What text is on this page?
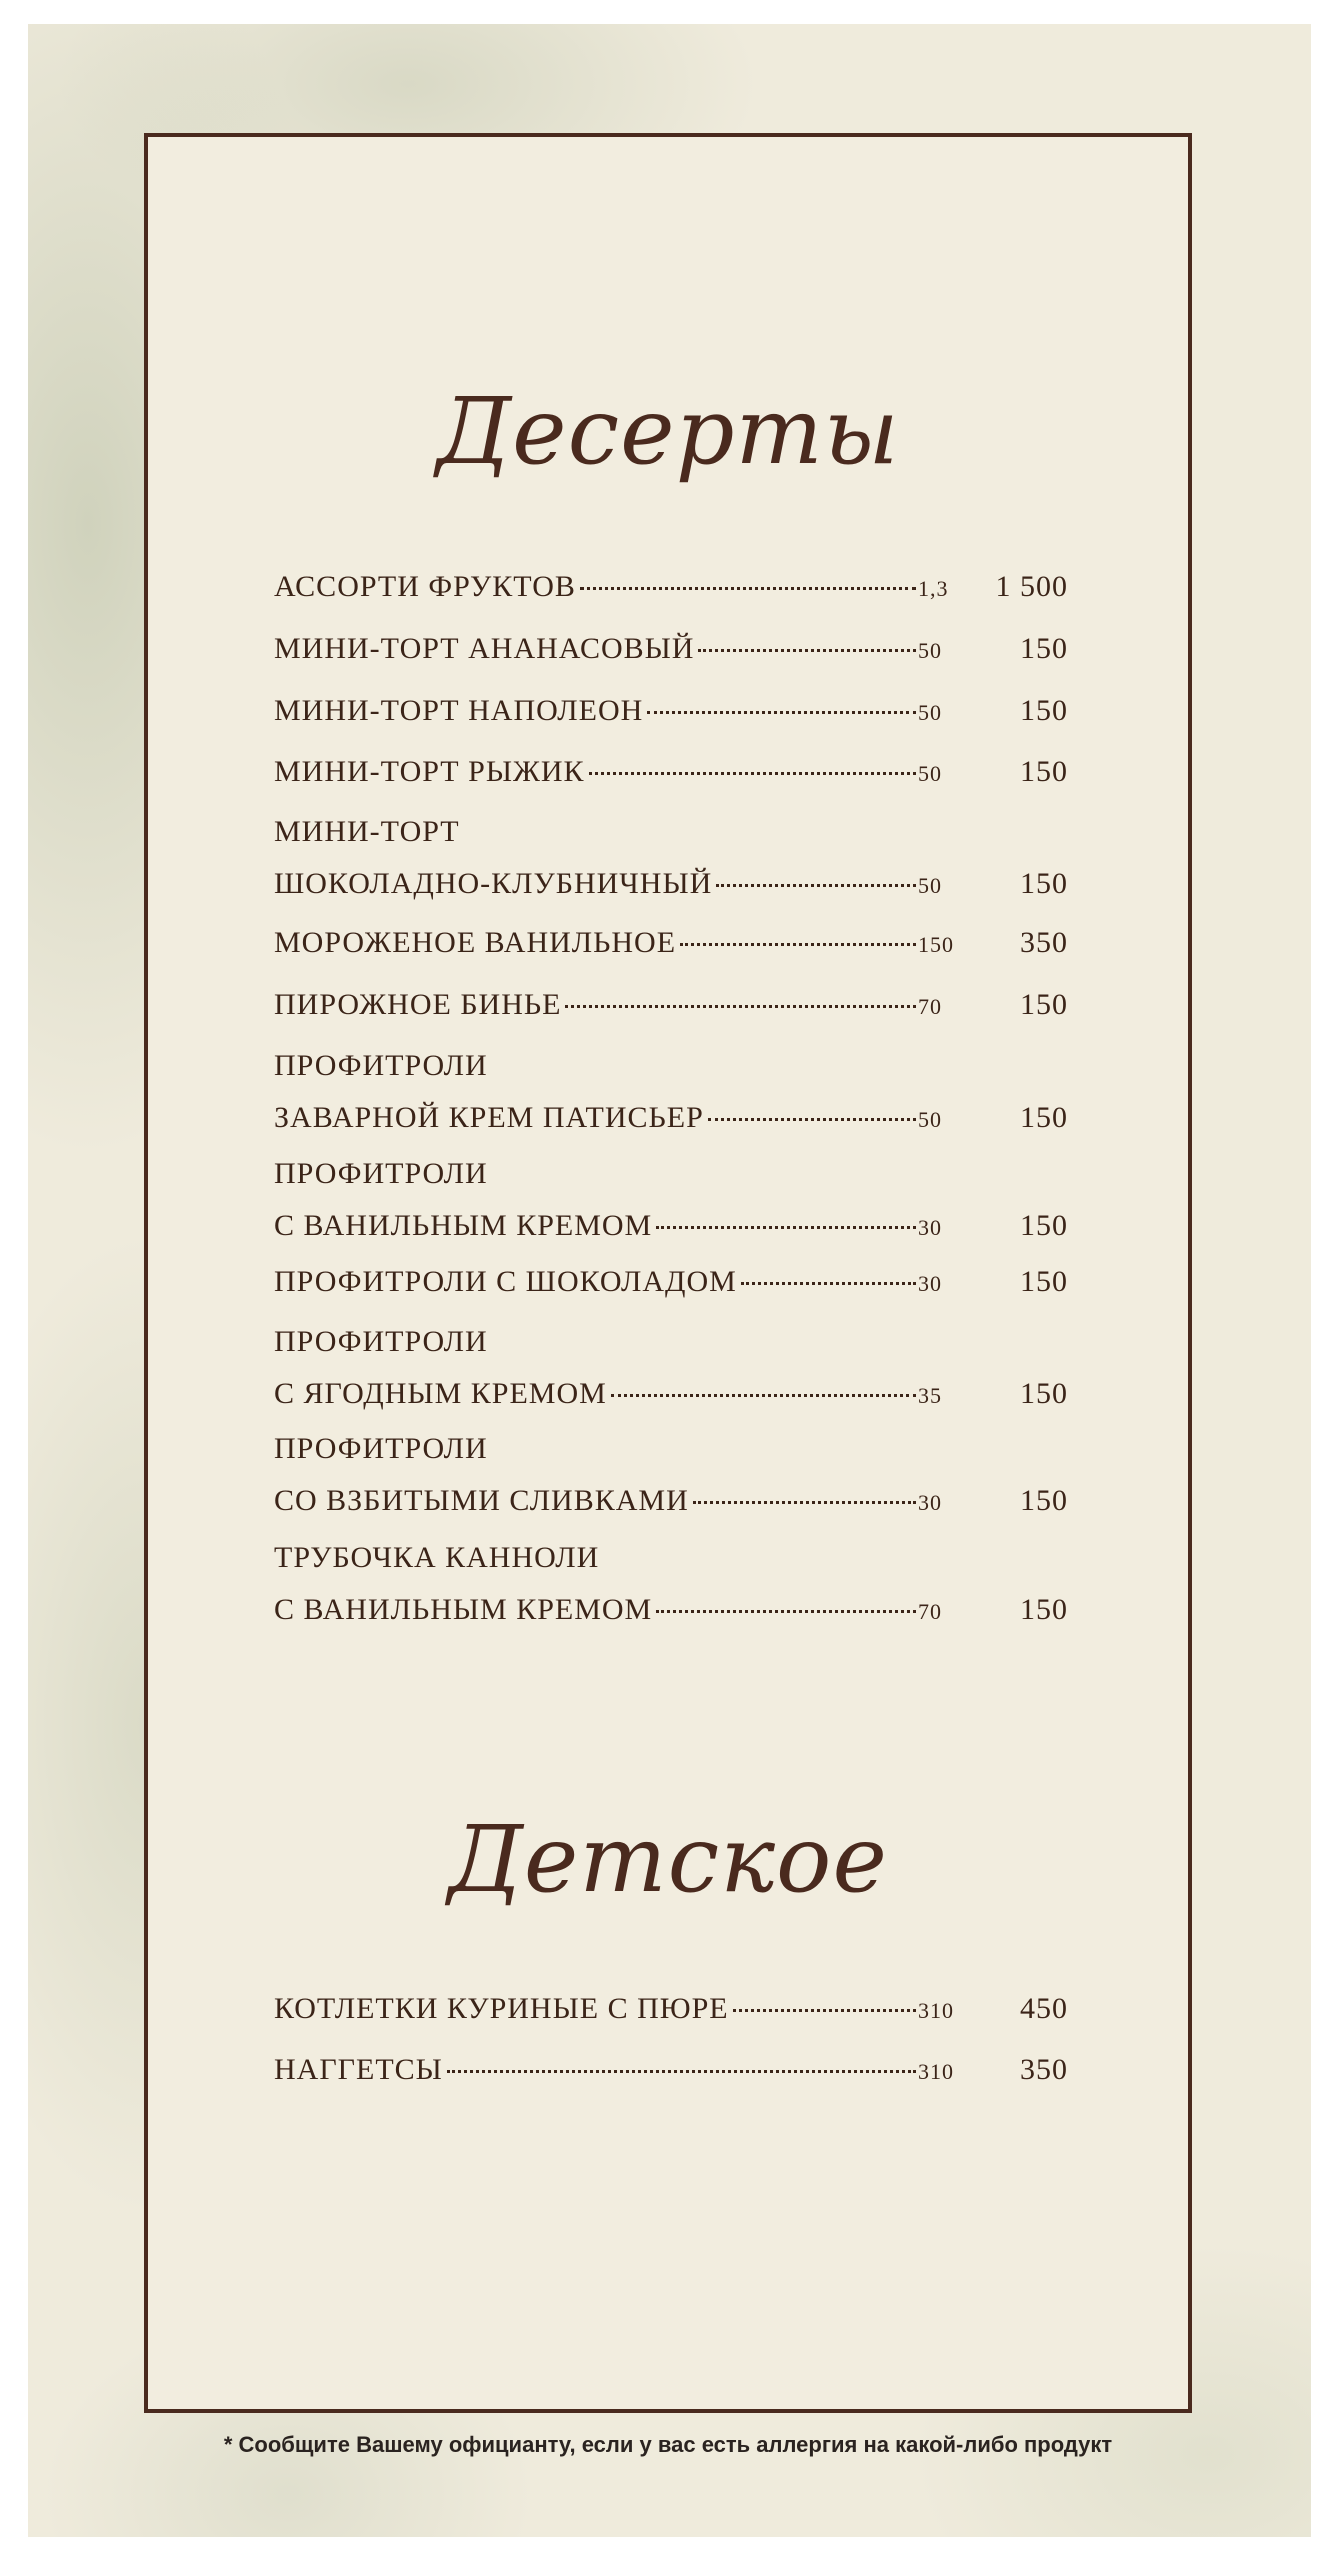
Десерты
АССОРТИ ФРУКТОВ	1,3	1 500
МИНИ-ТОРТ АНАНАСОВЫЙ	50	150
МИНИ-ТОРТ НАПОЛЕОН	50	150
МИНИ-ТОРТ РЫЖИК	50	150
МИНИ-ТОРТ
ШОКОЛАДНО-КЛУБНИЧНЫЙ	50	150
МОРОЖЕНОЕ ВАНИЛЬНОЕ	150	350
ПИРОЖНОЕ БИНЬЕ	70	150
ПРОФИТРОЛИ
ЗАВАРНОЙ КРЕМ ПАТИСЬЕР	50	150
ПРОФИТРОЛИ
С ВАНИЛЬНЫМ КРЕМОМ	30	150
ПРОФИТРОЛИ С ШОКОЛАДОМ	30	150
ПРОФИТРОЛИ
С ЯГОДНЫМ КРЕМОМ	35	150
ПРОФИТРОЛИ
СО ВЗБИТЫМИ СЛИВКАМИ	30	150
ТРУБОЧКА КАННОЛИ
С ВАНИЛЬНЫМ КРЕМОМ	70	150
Детское
КОТЛЕТКИ КУРИНЫЕ С ПЮРЕ	310	450
НАГГЕТСЫ	310	350
* Сообщите Вашему официанту, если у вас есть аллергия на какой-либо продукт
